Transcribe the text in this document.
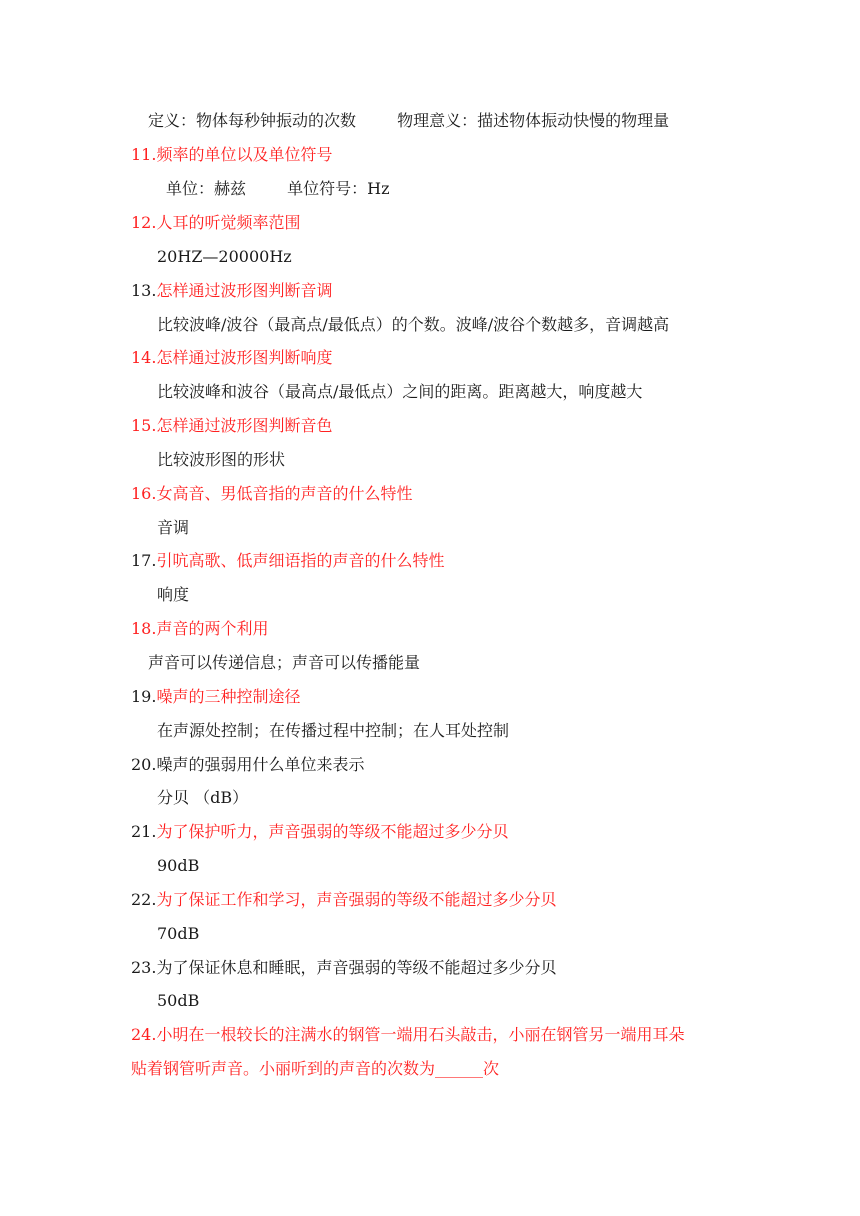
定义：物体每秒钟振动的次数	物理意义：描述物体振动快慢的物理量
11.频率的单位以及单位符号
单位：赫兹	单位符号：Hz
12.人耳的听觉频率范围
20HZ—20000Hz
13.怎样通过波形图判断音调
比较波峰/波谷（最高点/最低点）的个数。波峰/波谷个数越多，音调越高
14.怎样通过波形图判断响度
比较波峰和波谷（最高点/最低点）之间的距离。距离越大，响度越大
15.怎样通过波形图判断音色
比较波形图的形状
16.女高音、男低音指的声音的什么特性
音调
17.引吭高歌、低声细语指的声音的什么特性
响度
18.声音的两个利用
声音可以传递信息；声音可以传播能量
19.噪声的三种控制途径
在声源处控制；在传播过程中控制；在人耳处控制
20.噪声的强弱用什么单位来表示
分贝 （dB）
21.为了保护听力，声音强弱的等级不能超过多少分贝
90dB
22.为了保证工作和学习，声音强弱的等级不能超过多少分贝
70dB
23.为了保证休息和睡眠，声音强弱的等级不能超过多少分贝
50dB
24.小明在一根较长的注满水的钢管一端用石头敲击，小丽在钢管另一端用耳朵
贴着钢管听声音。小丽听到的声音的次数为______次
